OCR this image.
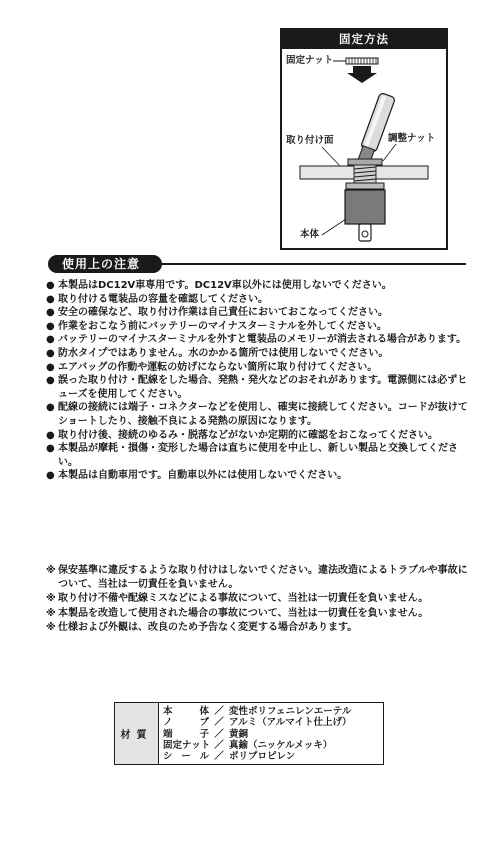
固定方法
固定ナット
取り付け面	調整ナット
本体
使用上の注意
● 本製品はDC12V車専用です。DC12V車以外には使用しないでください。
● 取り付ける電装品の容量を確認してください。
● 安全の確保など、取り付け作業は自己責任においておこなってください。
● 作業をおこなう前にバッテリーのマイナスターミナルを外してください。
● バッテリーのマイナスターミナルを外すと電装品のメモリーが消去される場合があります。
● 防水タイプではありません。水のかかる箇所では使用しないでください。
● エアバッグの作動や運転の妨げにならない箇所に取り付けてください。
● 誤った取り付け・配線をした場合、発熱・発火などのおそれがあります。電源側には必ずヒューズを使用してください。
● 配線の接続には端子・コネクターなどを使用し、確実に接続してください。コードが抜けてショートしたり、接触不良による発熱の原因になります。
● 取り付け後、接続のゆるみ・脱落などがないか定期的に確認をおこなってください。
● 本製品が摩耗・損傷・変形した場合は直ちに使用を中止し、新しい製品と交換してください。
● 本製品は自動車用です。自動車以外には使用しないでください。
※ 保安基準に違反するような取り付けはしないでください。違法改造によるトラブルや事故について、当社は一切責任を負いません。
※ 取り付け不備や配線ミスなどによる事故について、当社は一切責任を負いません。
※ 本製品を改造して使用された場合の事故について、当社は一切責任を負いません。
※ 仕様および外観は、改良のため予告なく変更する場合があります。
材質
本体 ／ 変性ポリフェニレンエーテル
ノブ ／ アルミ（アルマイト仕上げ）
端子 ／ 黄銅
固定ナット ／ 真鍮（ニッケルメッキ）
シール ／ ポリプロピレン
